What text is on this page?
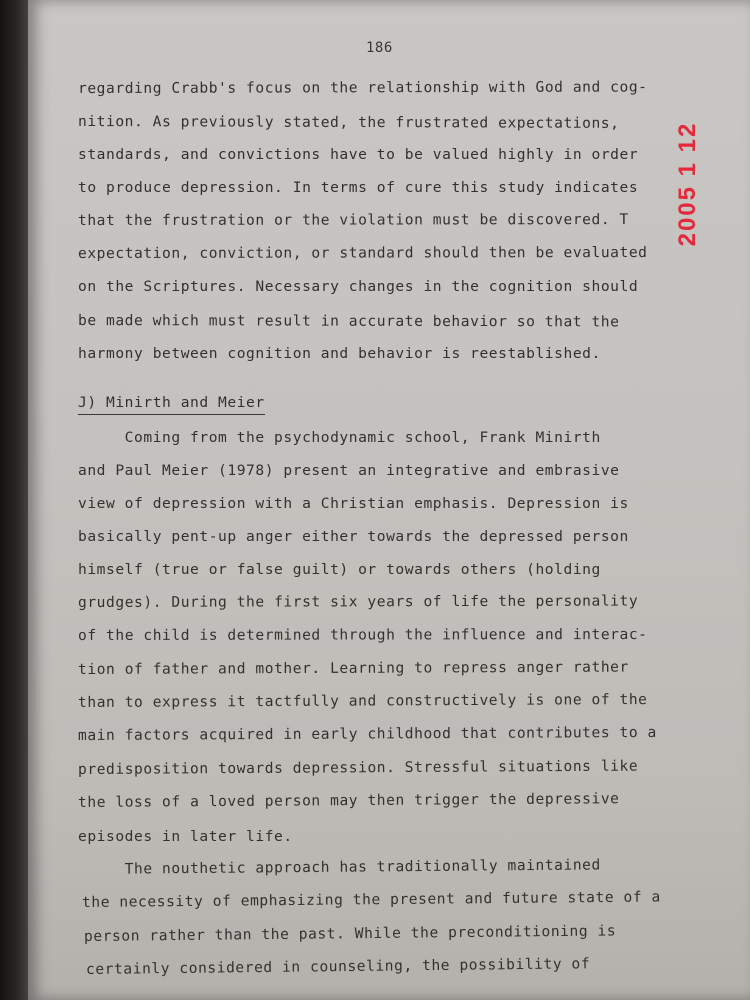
186
regarding Crabb's focus on the relationship with God and cog-
nition. As previously stated, the frustrated expectations,
standards, and convictions have to be valued highly in order
to produce depression. In terms of cure this study indicates
that the frustration or the violation must be discovered. T
expectation, conviction, or standard should then be evaluated
on the Scriptures. Necessary changes in the cognition should
be made which must result in accurate behavior so that the
harmony between cognition and behavior is reestablished.
J) Minirth and Meier
Coming from the psychodynamic school, Frank Minirth
and Paul Meier (1978) present an integrative and embrasive
view of depression with a Christian emphasis. Depression is
basically pent-up anger either towards the depressed person
himself (true or false guilt) or towards others (holding
grudges). During the first six years of life the personality
of the child is determined through the influence and interac-
tion of father and mother. Learning to repress anger rather
than to express it tactfully and constructively is one of the
main factors acquired in early childhood that contributes to a
predisposition towards depression. Stressful situations like
the loss of a loved person may then trigger the depressive
episodes in later life.
The nouthetic approach has traditionally maintained
the necessity of emphasizing the present and future state of a
person rather than the past. While the preconditioning is
certainly considered in counseling, the possibility of
2005 1 12
